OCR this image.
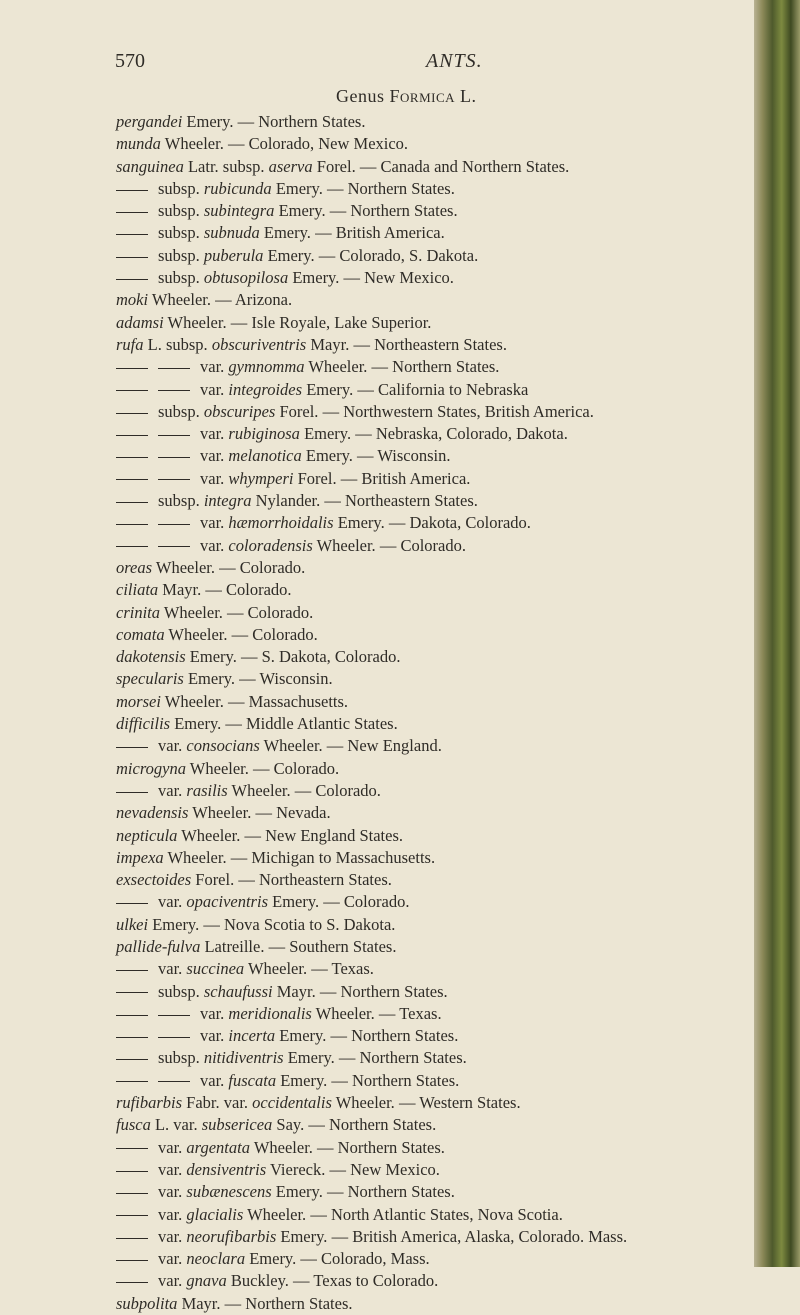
570	ANTS.
Genus Formica L.
pergandei Emery. — Northern States.
munda Wheeler. — Colorado, New Mexico.
sanguinea Latr. subsp. aserva Forel. — Canada and Northern States.
subsp. rubicunda Emery. — Northern States.
subsp. subintegra Emery. — Northern States.
subsp. subnuda Emery. — British America.
subsp. puberula Emery. — Colorado, S. Dakota.
subsp. obtusopilosa Emery. — New Mexico.
moki Wheeler. — Arizona.
adamsi Wheeler. — Isle Royale, Lake Superior.
rufa L. subsp. obscuriventris Mayr. — Northeastern States.
var. gymnomma Wheeler. — Northern States.
var. integroides Emery. — California to Nebraska
subsp. obscuripes Forel. — Northwestern States, British America.
var. rubiginosa Emery. — Nebraska, Colorado, Dakota.
var. melanotica Emery. — Wisconsin.
var. whymperi Forel. — British America.
subsp. integra Nylander. — Northeastern States.
var. hæmorrhoidalis Emery. — Dakota, Colorado.
var. coloradensis Wheeler. — Colorado.
oreas Wheeler. — Colorado.
ciliata Mayr. — Colorado.
crinita Wheeler. — Colorado.
comata Wheeler. — Colorado.
dakotensis Emery. — S. Dakota, Colorado.
specularis Emery. — Wisconsin.
morsei Wheeler. — Massachusetts.
difficilis Emery. — Middle Atlantic States.
var. consocians Wheeler. — New England.
microgyna Wheeler. — Colorado.
var. rasilis Wheeler. — Colorado.
nevadensis Wheeler. — Nevada.
nepticula Wheeler. — New England States.
impexa Wheeler. — Michigan to Massachusetts.
exsectoides Forel. — Northeastern States.
var. opaciventris Emery. — Colorado.
ulkei Emery. — Nova Scotia to S. Dakota.
pallide-fulva Latreille. — Southern States.
var. succinea Wheeler. — Texas.
subsp. schaufussi Mayr. — Northern States.
var. meridionalis Wheeler. — Texas.
var. incerta Emery. — Northern States.
subsp. nitidiventris Emery. — Northern States.
var. fuscata Emery. — Northern States.
rufibarbis Fabr. var. occidentalis Wheeler. — Western States.
fusca L. var. subsericea Say. — Northern States.
var. argentata Wheeler. — Northern States.
var. densiventris Viereck. — New Mexico.
var. subænescens Emery. — Northern States.
var. glacialis Wheeler. — North Atlantic States, Nova Scotia.
var. neorufibarbis Emery. — British America, Alaska, Colorado. Mass.
var. neoclara Emery. — Colorado, Mass.
var. gnava Buckley. — Texas to Colorado.
subpolita Mayr. — Northern States.
